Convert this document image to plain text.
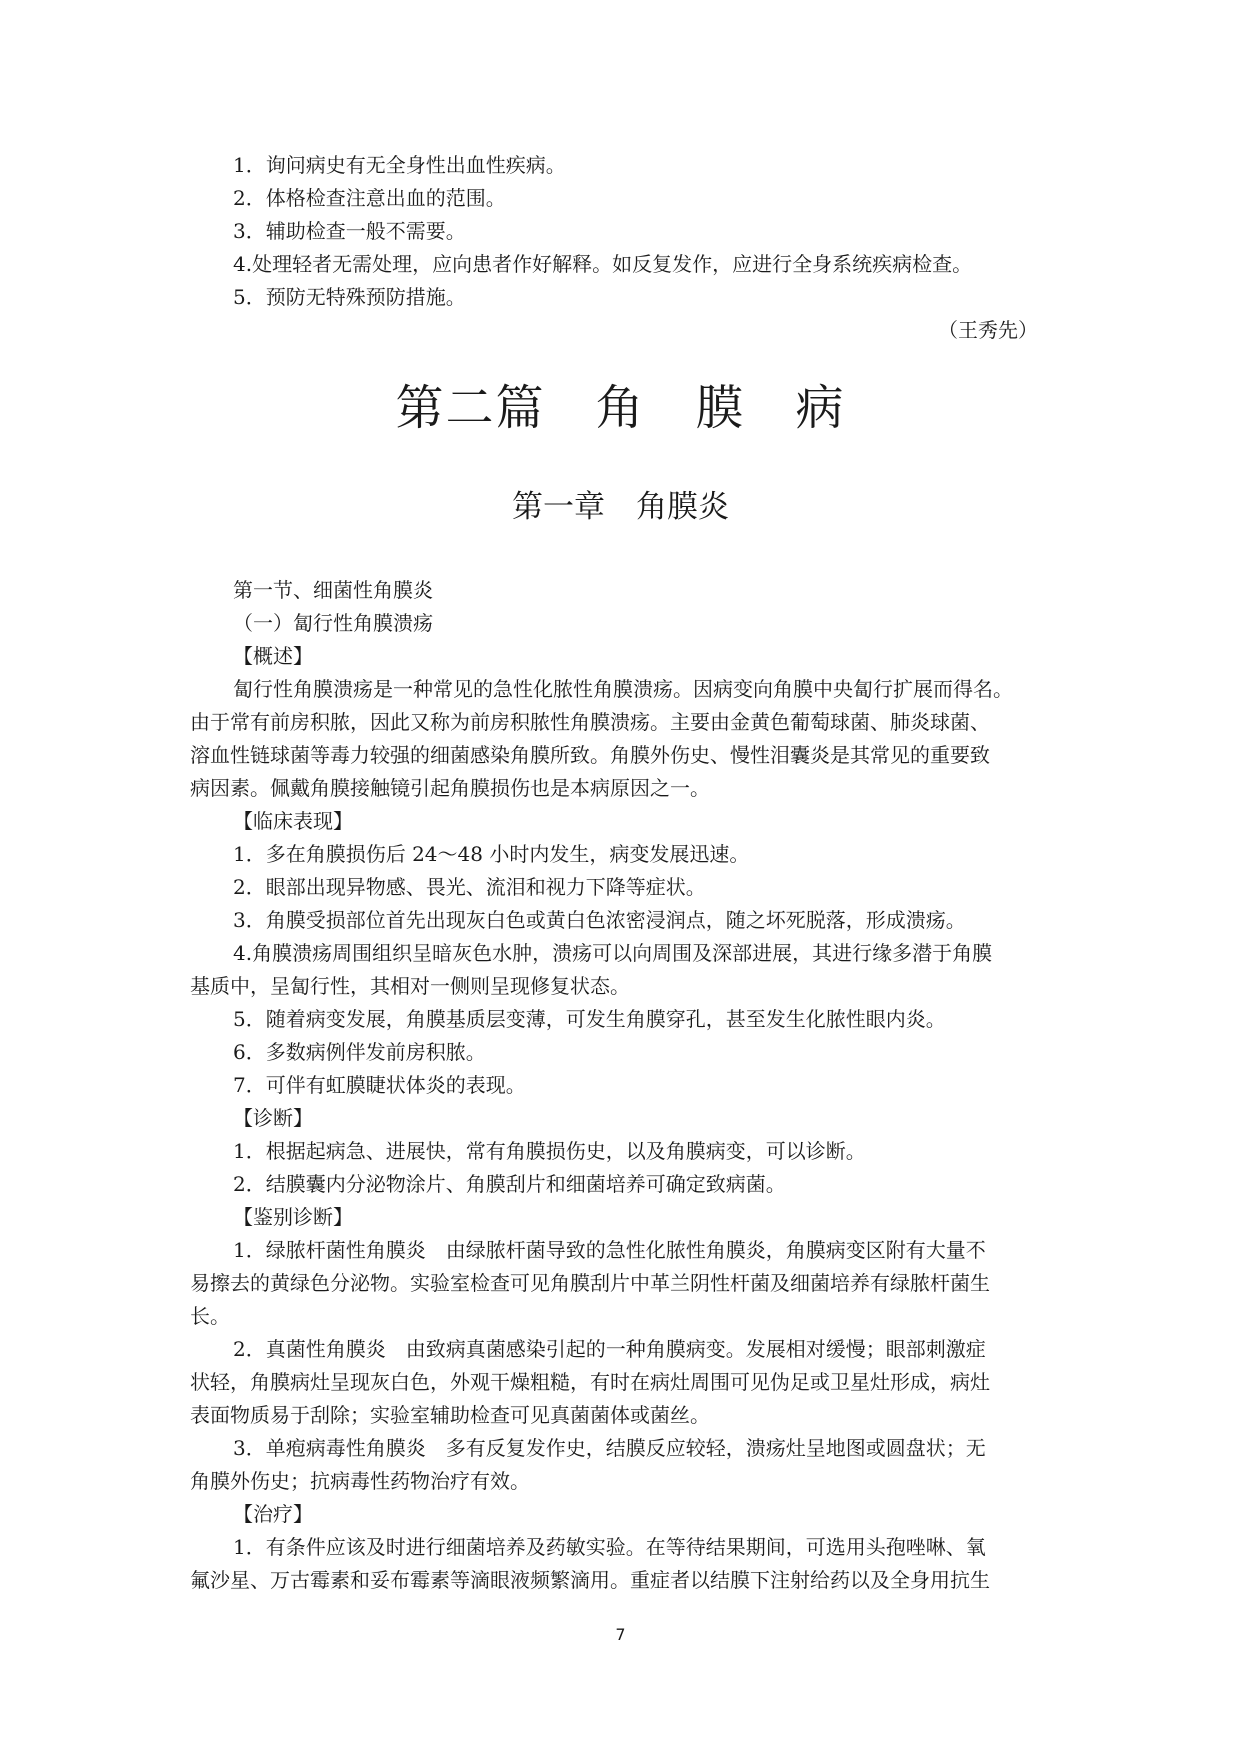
1．询问病史有无全身性出血性疾病。
2．体格检查注意出血的范围。
3．辅助检查一般不需要。
4.处理轻者无需处理，应向患者作好解释。如反复发作，应进行全身系统疾病检查。
5．预防无特殊预防措施。
（王秀先）
第二篇　角　膜　病
第一章　角膜炎
第一节、细菌性角膜炎
（一）匐行性角膜溃疡
【概述】
匐行性角膜溃疡是一种常见的急性化脓性角膜溃疡。因病变向角膜中央匐行扩展而得名。
由于常有前房积脓，因此又称为前房积脓性角膜溃疡。主要由金黄色葡萄球菌、肺炎球菌、
溶血性链球菌等毒力较强的细菌感染角膜所致。角膜外伤史、慢性泪囊炎是其常见的重要致
病因素。佩戴角膜接触镜引起角膜损伤也是本病原因之一。
【临床表现】
1．多在角膜损伤后 24～48 小时内发生，病变发展迅速。
2．眼部出现异物感、畏光、流泪和视力下降等症状。
3．角膜受损部位首先出现灰白色或黄白色浓密浸润点，随之坏死脱落，形成溃疡。
4.角膜溃疡周围组织呈暗灰色水肿，溃疡可以向周围及深部进展，其进行缘多潜于角膜
基质中，呈匐行性，其相对一侧则呈现修复状态。
5．随着病变发展，角膜基质层变薄，可发生角膜穿孔，甚至发生化脓性眼内炎。
6．多数病例伴发前房积脓。
7．可伴有虹膜睫状体炎的表现。
【诊断】
1．根据起病急、进展快，常有角膜损伤史，以及角膜病变，可以诊断。
2．结膜囊内分泌物涂片、角膜刮片和细菌培养可确定致病菌。
【鉴别诊断】
1．绿脓杆菌性角膜炎　由绿脓杆菌导致的急性化脓性角膜炎，角膜病变区附有大量不
易擦去的黄绿色分泌物。实验室检查可见角膜刮片中革兰阴性杆菌及细菌培养有绿脓杆菌生
长。
2．真菌性角膜炎　由致病真菌感染引起的一种角膜病变。发展相对缓慢；眼部刺激症
状轻，角膜病灶呈现灰白色，外观干燥粗糙，有时在病灶周围可见伪足或卫星灶形成，病灶
表面物质易于刮除；实验室辅助检查可见真菌菌体或菌丝。
3．单疱病毒性角膜炎　多有反复发作史，结膜反应较轻，溃疡灶呈地图或圆盘状；无
角膜外伤史；抗病毒性药物治疗有效。
【治疗】
1．有条件应该及时进行细菌培养及药敏实验。在等待结果期间，可选用头孢唑啉、氧
氟沙星、万古霉素和妥布霉素等滴眼液频繁滴用。重症者以结膜下注射给药以及全身用抗生
7
